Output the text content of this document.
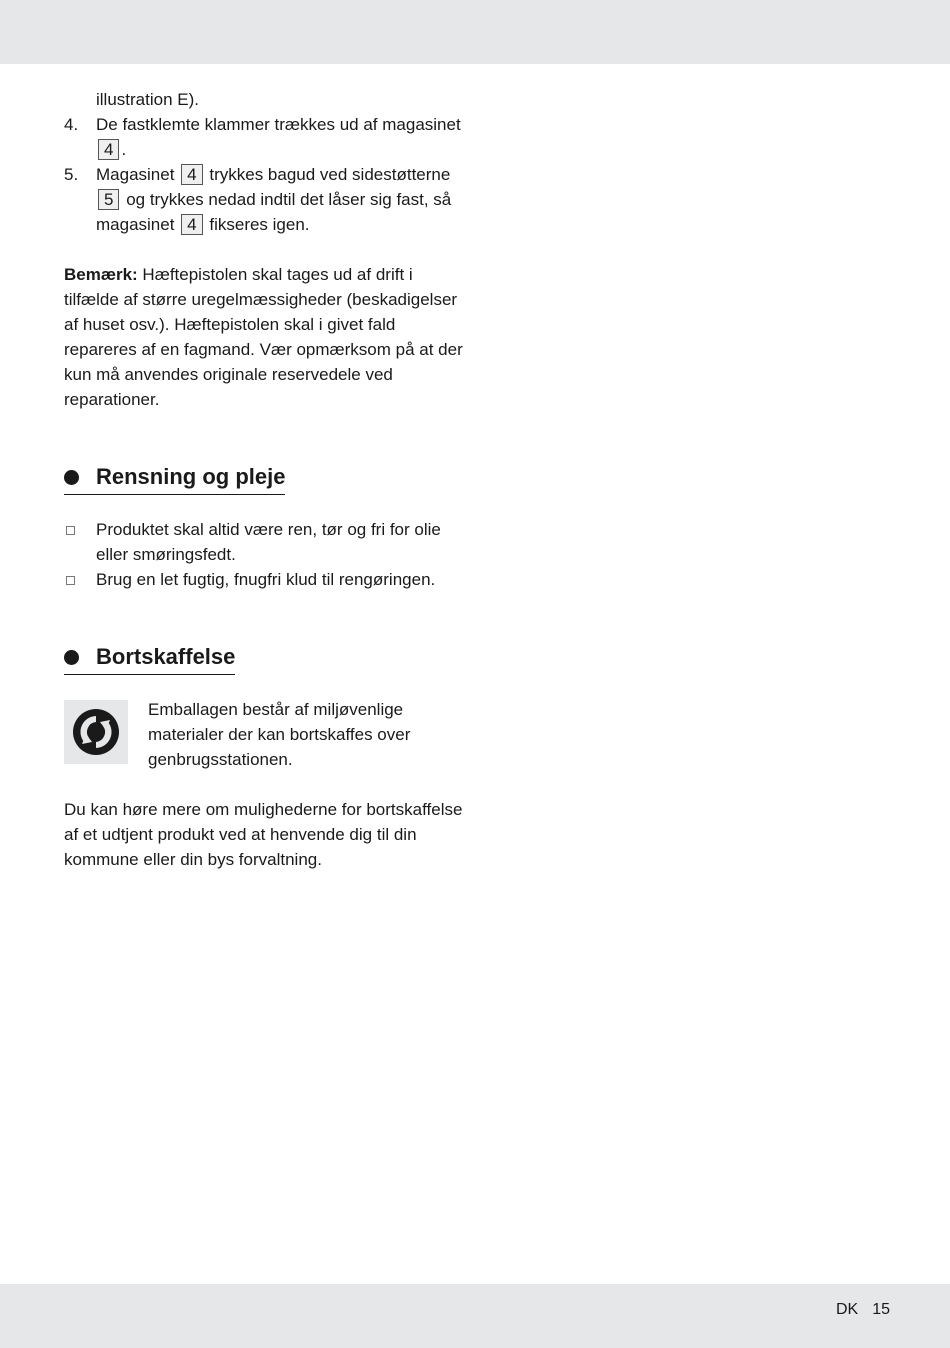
illustration E).
4. De fastklemte klammer trækkes ud af magasinet 4 .
5. Magasinet 4 trykkes bagud ved sidestøtterne 5 og trykkes nedad indtil det låser sig fast, så magasinet 4 fikseres igen.
Bemærk: Hæftepistolen skal tages ud af drift i tilfælde af større uregelmæssigheder (beskadigelser af huset osv.). Hæftepistolen skal i givet fald repareres af en fagmand. Vær opmærksom på at der kun må anvendes originale reservedele ved reparationer.
Rensning og pleje
Produktet skal altid være ren, tør og fri for olie eller smøringsfedt.
Brug en let fugtig, fnugfri klud til rengøringen.
Bortskaffelse
Emballagen består af miljøvenlige materialer der kan bortskaffes over genbrugsstationen.
Du kan høre mere om mulighederne for bortskaffelse af et udtjent produkt ved at henvende dig til din kommune eller din bys forvaltning.
DK 15
